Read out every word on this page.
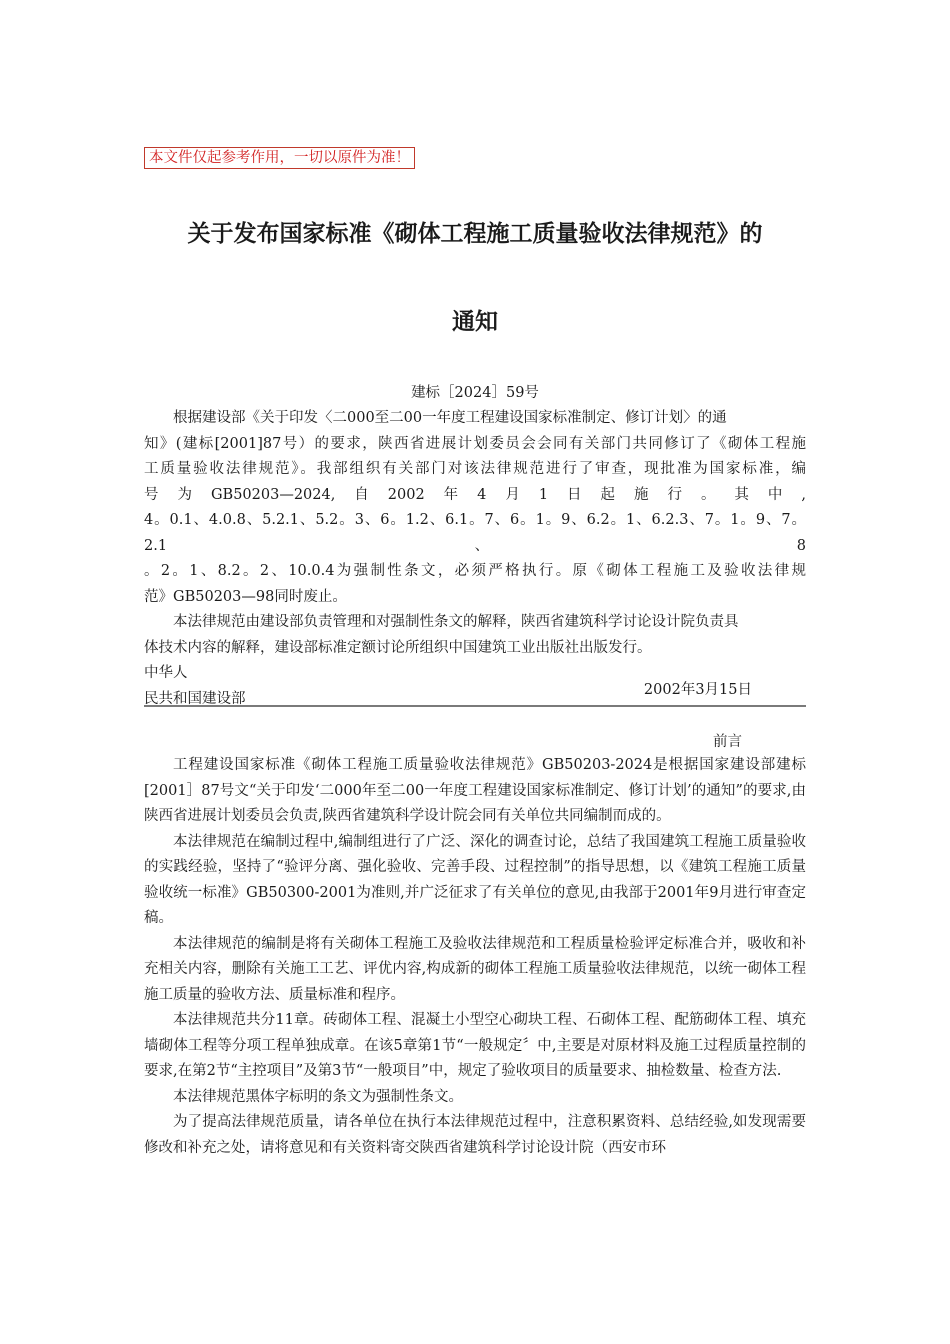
本文件仅起参考作用，一切以原件为准！
关于发布国家标准《砌体工程施工质量验收法律规范》的
通知
建标［2024］59号

根据建设部《关于印发〈二000至二00一年度工程建设国家标准制定、修订计划〉的通

知》(建标[2001]87号）的要求，陕西省进展计划委员会会同有关部门共同修订了《砌体工程施

工质量验收法律规范》。我部组织有关部门对该法律规范进行了审查，现批准为国家标准，编

号为GB50203—2024,自2002年4月1日起施行。其中,

4。0.1、4.0.8、5.2.1、5.2。3、6。1.2、6.1。7、6。1。9、6.2。1、6.2.3、7。1。9、7。2.1、8

。2。1、8.2。2、10.0.4为强制性条文，必须严格执行。原《砌体工程施工及验收法律规

范》GB50203—98同时废止。

本法律规范由建设部负责管理和对强制性条文的解释，陕西省建筑科学讨论设计院负责具

体技术内容的解释，建设部标准定额讨论所组织中国建筑工业出版社出版发行。

中华人

民共和国建设部

2002年3月15日
前言

工程建设国家标准《砌体工程施工质量验收法律规范》GB50203-2024是根据国家建设部建标[2001］87号文“关于印发‘二000年至二00一年度工程建设国家标准制定、修订计划’的通知”的要求,由陕西省进展计划委员会负责,陕西省建筑科学设计院会同有关单位共同编制而成的。

本法律规范在编制过程中,编制组进行了广泛、深化的调查讨论，总结了我国建筑工程施工质量验收的实践经验，坚持了“验评分离、强化验收、完善手段、过程控制”的指导思想，以《建筑工程施工质量验收统一标准》GB50300-2001为准则,并广泛征求了有关单位的意见,由我部于2001年9月进行审查定稿。

本法律规范的编制是将有关砌体工程施工及验收法律规范和工程质量检验评定标准合并，吸收和补充相关内容，删除有关施工工艺、评优内容,构成新的砌体工程施工质量验收法律规范，以统一砌体工程施工质量的验收方法、质量标准和程序。

本法律规范共分11章。砖砌体工程、混凝土小型空心砌块工程、石砌体工程、配筋砌体工程、填充墙砌体工程等分项工程单独成章。在该5章第1节“一般规定〞中,主要是对原材料及施工过程质量控制的要求,在第2节“主控项目”及第3节“一般项目”中，规定了验收项目的质量要求、抽检数量、检查方法.

本法律规范黑体字标明的条文为强制性条文。

为了提高法律规范质量，请各单位在执行本法律规范过程中，注意积累资料、总结经验,如发现需要修改和补充之处，请将意见和有关资料寄交陕西省建筑科学讨论设计院（西安市环
